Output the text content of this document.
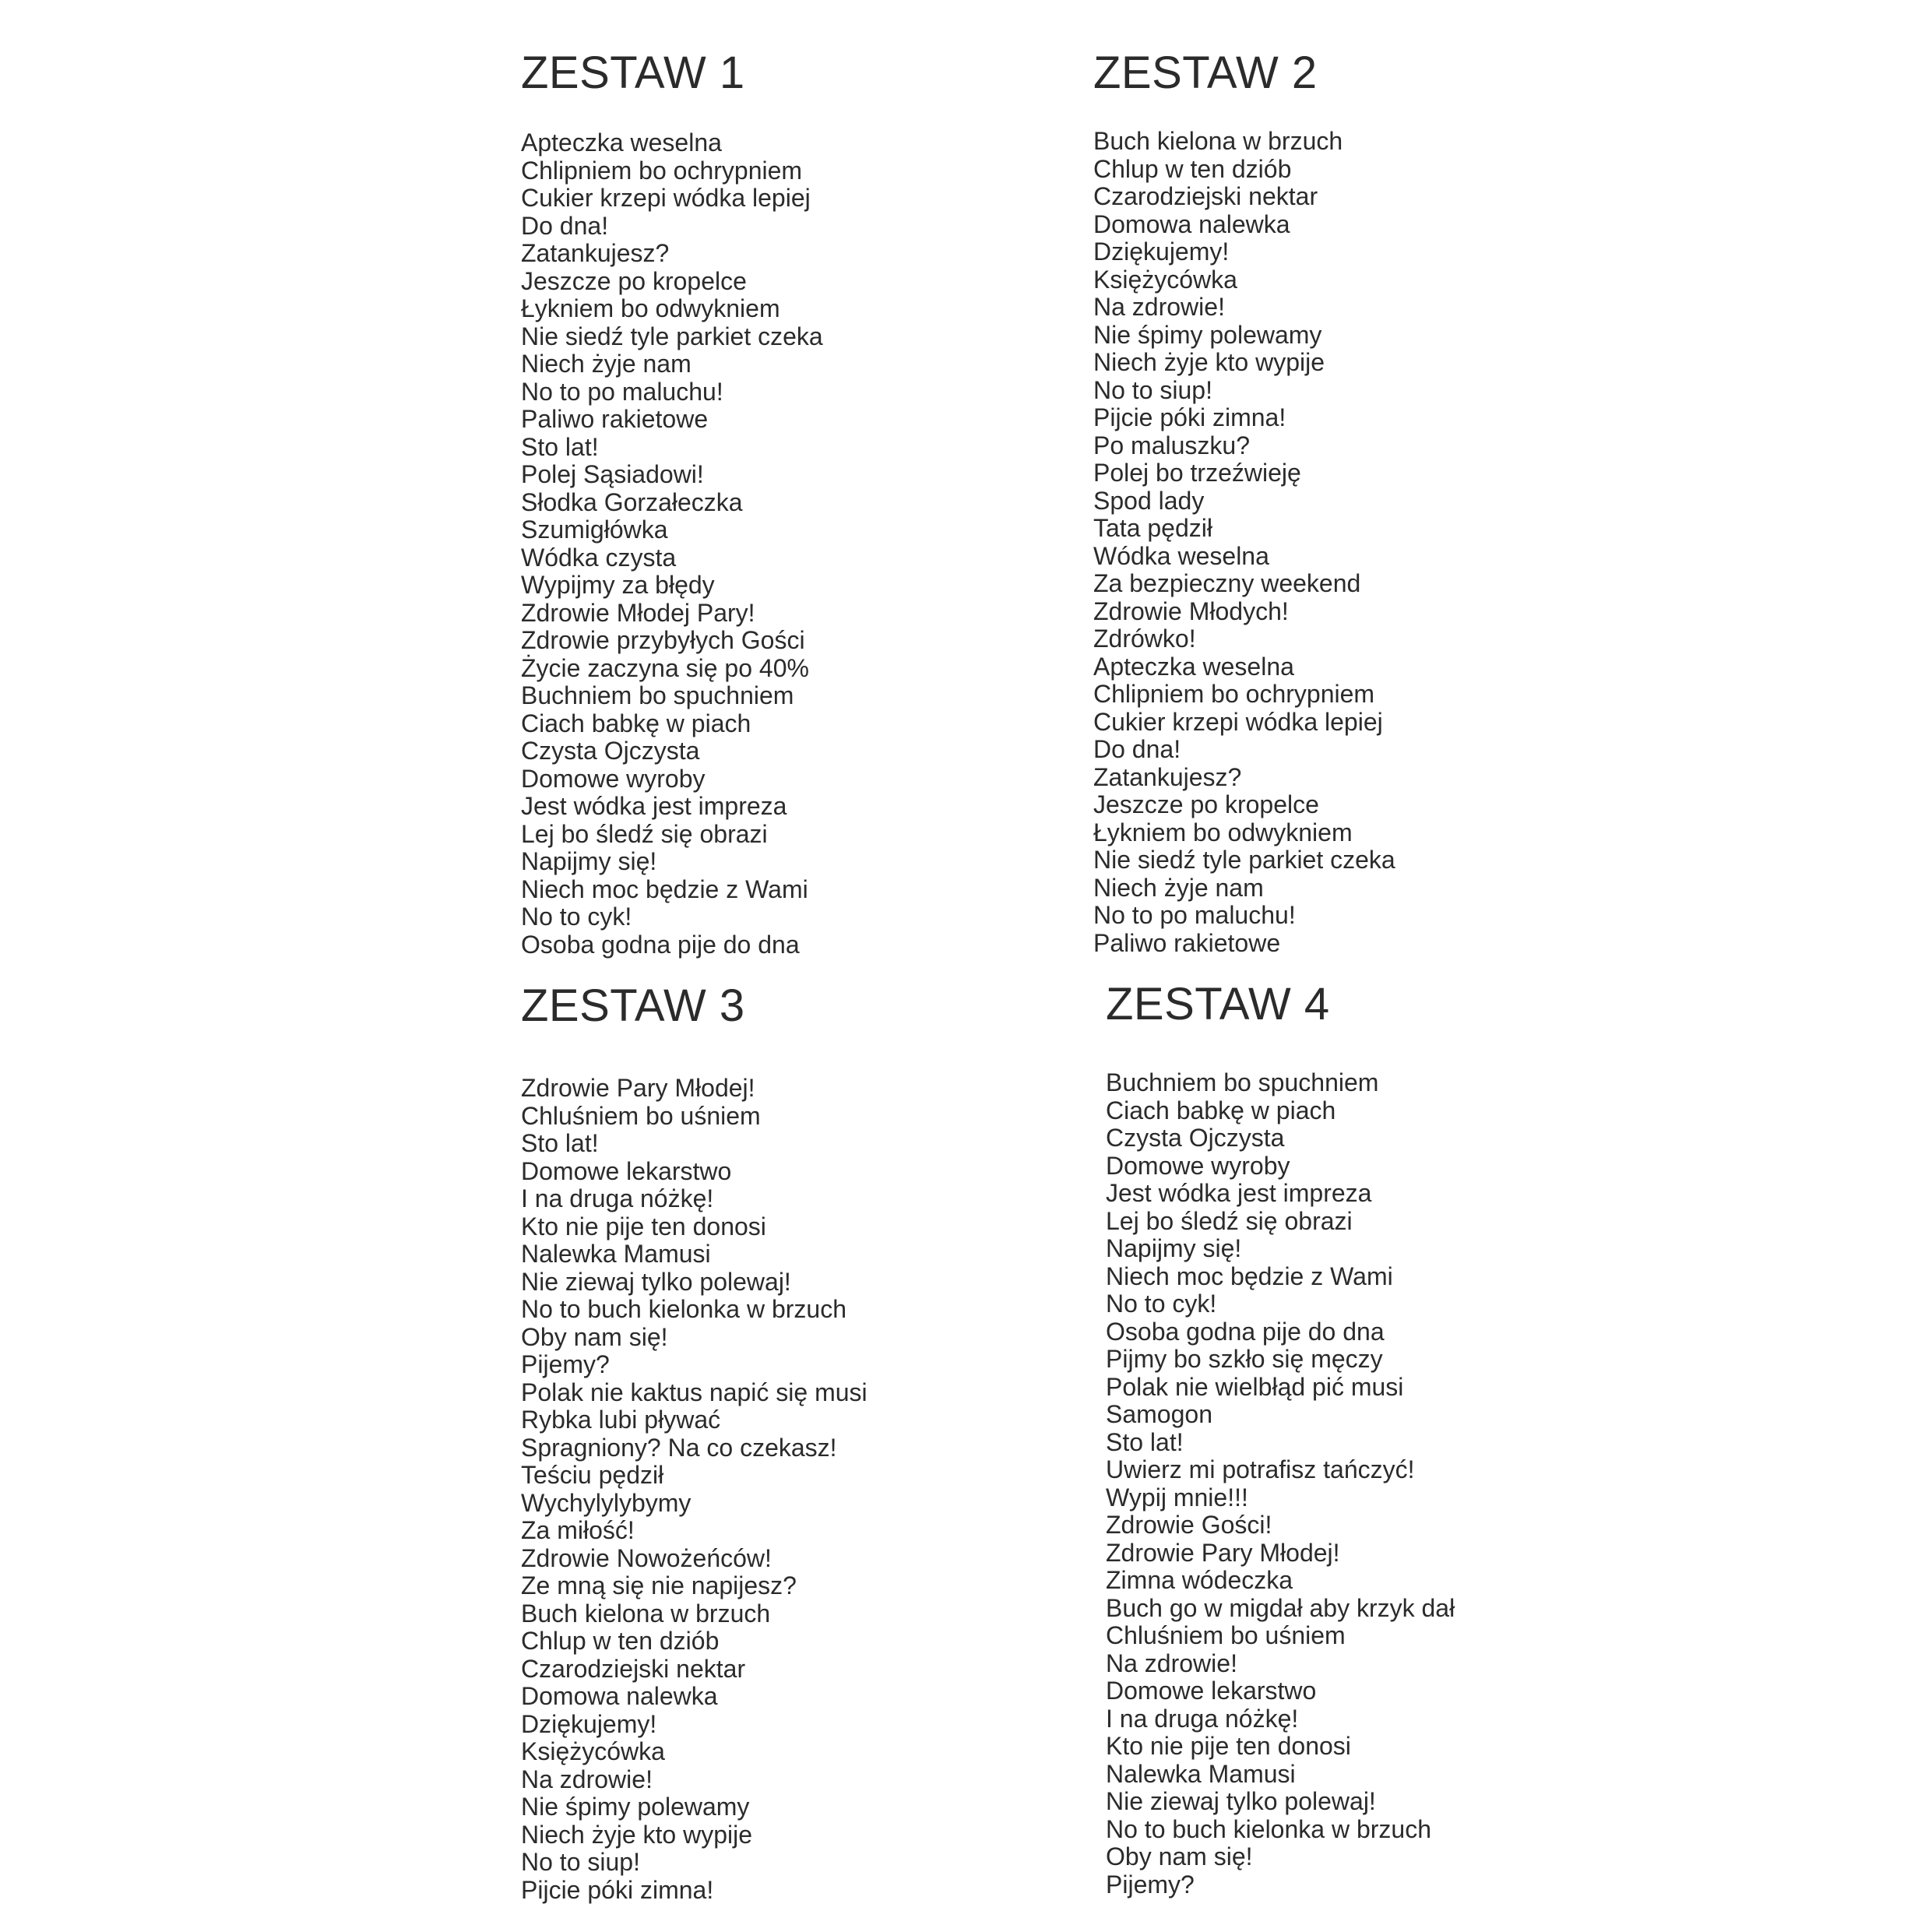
ZESTAW 1
Apteczka weselna
Chlipniem bo ochrypniem
Cukier krzepi wódka lepiej
Do dna!
Zatankujesz?
Jeszcze po kropelce
Łykniem bo odwykniem
Nie siedź tyle parkiet czeka
Niech żyje nam
No to po maluchu!
Paliwo rakietowe
Sto lat!
Polej Sąsiadowi!
Słodka Gorzałeczka
Szumigłówka
Wódka czysta
Wypijmy za błędy
Zdrowie Młodej Pary!
Zdrowie przybyłych Gości
Życie zaczyna się po 40%
Buchniem bo spuchniem
Ciach babkę w piach
Czysta Ojczysta
Domowe wyroby
Jest wódka jest impreza
Lej bo śledź się obrazi
Napijmy się!
Niech moc będzie z Wami
No to cyk!
Osoba godna pije do dna
ZESTAW 2
Buch kielona w brzuch
Chlup w ten dziób
Czarodziejski nektar
Domowa nalewka
Dziękujemy!
Księżycówka
Na zdrowie!
Nie śpimy polewamy
Niech żyje kto wypije
No to siup!
Pijcie póki zimna!
Po maluszku?
Polej bo trzeźwieję
Spod lady
Tata pędził
Wódka weselna
Za bezpieczny weekend
Zdrowie Młodych!
Zdrówko!
Apteczka weselna
Chlipniem bo ochrypniem
Cukier krzepi wódka lepiej
Do dna!
Zatankujesz?
Jeszcze po kropelce
Łykniem bo odwykniem
Nie siedź tyle parkiet czeka
Niech żyje nam
No to po maluchu!
Paliwo rakietowe
ZESTAW 3
Zdrowie Pary Młodej!
Chluśniem bo uśniem
Sto lat!
Domowe lekarstwo
I na druga nóżkę!
Kto nie pije ten donosi
Nalewka Mamusi
Nie ziewaj tylko polewaj!
No to buch kielonka w brzuch
Oby nam się!
Pijemy?
Polak nie kaktus napić się musi
Rybka lubi pływać
Spragniony? Na co czekasz!
Teściu pędził
Wychylylybymy
Za miłość!
Zdrowie Nowożeńców!
Ze mną się nie napijesz?
Buch kielona w brzuch
Chlup w ten dziób
Czarodziejski nektar
Domowa nalewka
Dziękujemy!
Księżycówka
Na zdrowie!
Nie śpimy polewamy
Niech żyje kto wypije
No to siup!
Pijcie póki zimna!
ZESTAW 4
Buchniem bo spuchniem
Ciach babkę w piach
Czysta Ojczysta
Domowe wyroby
Jest wódka jest impreza
Lej bo śledź się obrazi
Napijmy się!
Niech moc będzie z Wami
No to cyk!
Osoba godna pije do dna
Pijmy bo szkło się męczy
Polak nie wielbłąd pić musi
Samogon
Sto lat!
Uwierz mi potrafisz tańczyć!
Wypij mnie!!!
Zdrowie Gości!
Zdrowie Pary Młodej!
Zimna wódeczka
Buch go w migdał aby krzyk dał
Chluśniem bo uśniem
Na zdrowie!
Domowe lekarstwo
I na druga nóżkę!
Kto nie pije ten donosi
Nalewka Mamusi
Nie ziewaj tylko polewaj!
No to buch kielonka w brzuch
Oby nam się!
Pijemy?
